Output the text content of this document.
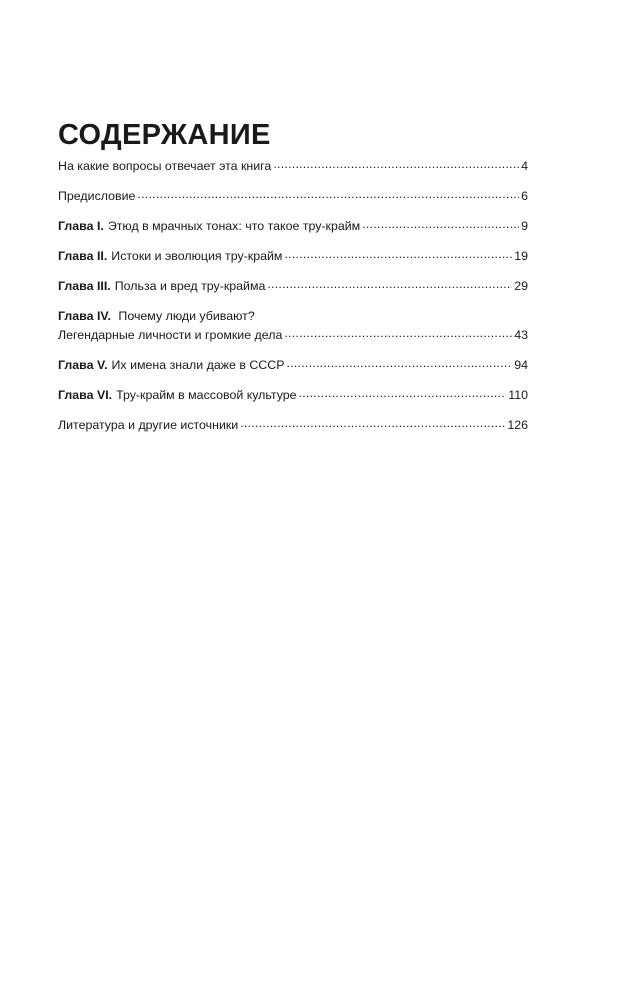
СОДЕРЖАНИЕ
На какие вопросы отвечает эта книга . . .	4
Предисловие . . .	6
Глава I. Этюд в мрачных тонах: что такое тру-крайм . . .	9
Глава II. Истоки и эволюция тру-крайм . . .	19
Глава III. Польза и вред тру-крайма . . .	29
Глава IV. Почему люди убивают?
Легендарные личности и громкие дела . . .	43
Глава V. Их имена знали даже в СССР . . .	94
Глава VI. Тру-крайм в массовой культуре . . .	110
Литература и другие источники . . .	126
